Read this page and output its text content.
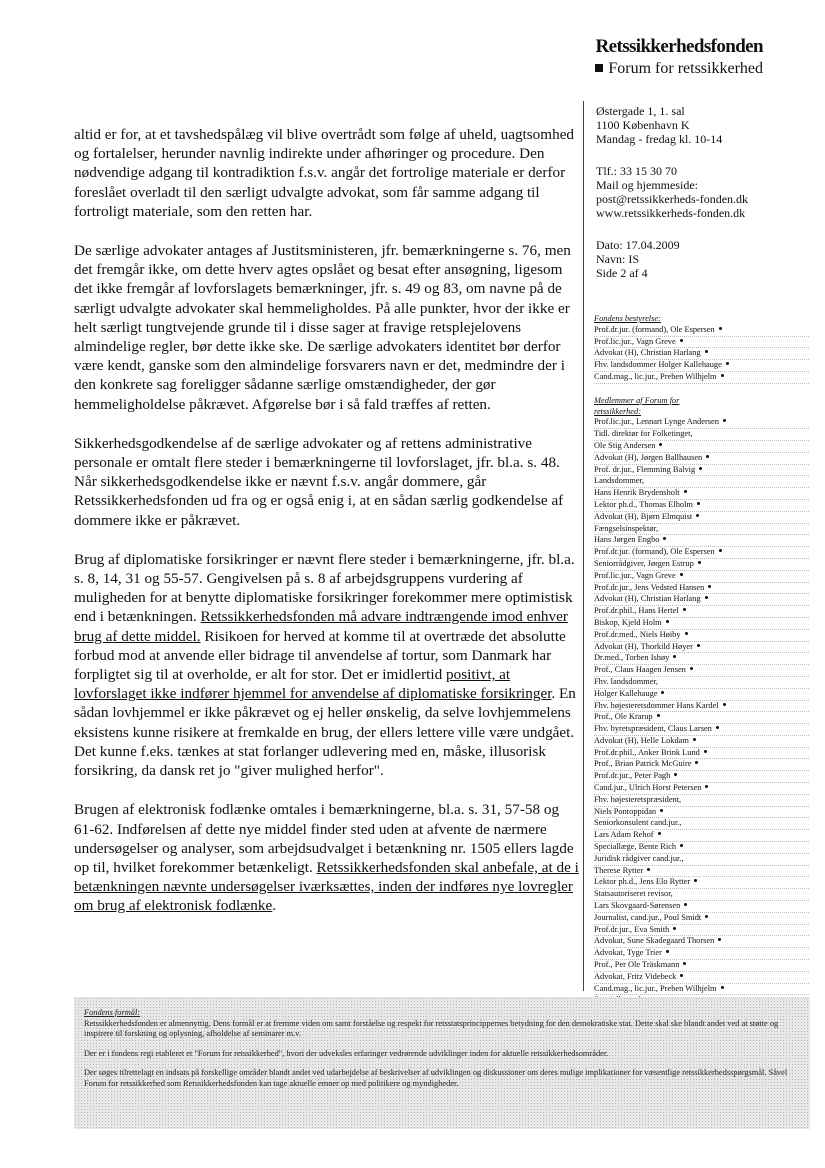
Retssikkerhedsfonden
Forum for retssikkerhed
Østergade 1, 1. sal
1100 København K
Mandag - fredag kl. 10-14
Tlf.: 33 15 30 70
Mail og hjemmeside:
post@retssikkerheds-fonden.dk
www.retssikkerheds-fonden.dk
Dato: 17.04.2009
Navn: IS
Side 2 af 4
Fondens bestyrelse:
Prof.dr.jur. (formand), Ole Espersen
Prof.lic.jur., Vagn Greve
Advokat (H), Christian Harlang
Fhv. landsdommer Holger Kallehauge
Cand.mag., lic.jur., Preben Wilhjelm
Medlemmer af Forum for
retssikkerhed:
Prof.lic.jur., Lennart Lynge Andersen
Tidl. direktør for Folketinget,
Ole Stig Andersen
Advokat (H), Jørgen Ballhausen
Prof. dr.jur., Flemming Balvig
Landsdommer,
Hans Henrik Brydensholt
Lektor ph.d., Thomas Elholm
Advokat (H), Bjørn Elmquist
Fængselsinspektør,
Hans Jørgen Engbo
Prof.dr.jur. (formand), Ole Espersen
Seniorrådgiver, Jørgen Estrup
Prof.lic.jur., Vagn Greve
Prof.dr.jur., Jens Vedsted Hansen
Advokat (H), Christian Harlang
Prof.dr.phil., Hans Hertel
Biskop, Kjeld Holm
Prof.dr.med., Niels Høiby
Advokat (H), Thorkild Høyer
Dr.med., Torben Ishøy
Prof., Claus Haagen Jensen
Fhv. landsdommer,
Holger Kallehauge
Fhv. højesteretsdommer Hans Kardel
Prof., Ole Krarup
Fhv. byretspræsident, Claus Larsen
Advokat (H), Helle Lokdam
Prof.dr.phil., Anker Brink Lund
Prof., Brian Patrick McGuire
Prof.dr.jur., Peter Pagh
Cand.jur., Ulrich Horst Petersen
Fhv. højesteretspræsident,
Niels Pontoppidan
Seniorkonsulent cand.jur.,
Lars Adam Rehof
Speciallæge, Bente Rich
Juridisk rådgiver cand.jur.,
Therese Rytter
Lektor ph.d., Jens Elo Rytter
Statsautoriseret revisor,
Lars Skovgaard-Sørensen
Journalist, cand.jur., Poul Smidt
Prof.dr.jur., Eva Smith
Advokat, Sune Skadegaard Thorsen
Advokat, Tyge Trier
Prof., Per Ole Träskmann
Advokat, Fritz Videbeck
Cand.mag., lic.jur., Preben Wilhjelm

altid er for, at et tavshedspålæg vil blive overtrådt som følge af uheld, uagtsomhed og fortalelser, herunder navnlig indirekte under afhøringer og procedure. Den nødvendige adgang til kontradiktion f.s.v. angår det fortrolige materiale er derfor foreslået overladt til den særligt udvalgte advokat, som får samme adgang til fortroligt materiale, som den retten har.

De særlige advokater antages af Justitsministeren, jfr. bemærkningerne s. 76, men det fremgår ikke, om dette hverv agtes opslået og besat efter ansøgning, ligesom det ikke fremgår af lovforslagets bemærkninger, jfr. s. 49 og 83, om navne på de særligt udvalgte advokater skal hemmeligholdes. På alle punkter, hvor der ikke er helt særligt tungtvejende grunde til i disse sager at fravige retsplejelovens almindelige regler, bør dette ikke ske. De særlige advokaters identitet bør derfor være kendt, ganske som den almindelige forsvarers navn er det, medmindre der i den konkrete sag foreligger sådanne særlige omstændigheder, der gør hemmeligholdelse påkrævet. Afgørelse bør i så fald træffes af retten.

Sikkerhedsgodkendelse af de særlige advokater og af rettens administrative personale er omtalt flere steder i bemærkningerne til lovforslaget, jfr. bl.a. s. 48. Når sikkerhedsgodkendelse ikke er nævnt f.s.v. angår dommere, går Retssikkerhedsfonden ud fra og er også enig i, at en sådan særlig godkendelse af dommere ikke er påkrævet.

Brug af diplomatiske forsikringer er nævnt flere steder i bemærkningerne, jfr. bl.a. s. 8, 14, 31 og 55-57. Gengivelsen på s. 8 af arbejdsgruppens vurdering af muligheden for at benytte diplomatiske forsikringer forekommer mere optimistisk end i betænkningen. Retssikkerhedsfonden må advare indtrængende imod enhver brug af dette middel. Risikoen for herved at komme til at overtræde det absolutte forbud mod at anvende eller bidrage til anvendelse af tortur, som Danmark har forpligtet sig til at overholde, er alt for stor. Det er imidlertid positivt, at lovforslaget ikke indfører hjemmel for anvendelse af diplomatiske forsikringer. En sådan lovhjemmel er ikke påkrævet og ej heller ønskelig, da selve lovhjemmelens eksistens kunne risikere at fremkalde en brug, der ellers lettere ville være undgået. Det kunne f.eks. tænkes at stat forlanger udlevering med en, måske, illusorisk forsikring, da dansk ret jo "giver mulighed herfor".

Brugen af elektronisk fodlænke omtales i bemærkningerne, bl.a. s. 31, 57-58 og 61-62. Indførelsen af dette nye middel finder sted uden at afvente de nærmere undersøgelser og analyser, som arbejdsudvalget i betænkning nr. 1505 ellers lagde op til, hvilket forekommer betænkeligt. Retssikkerhedsfonden skal anbefale, at de i betænkningen nævnte undersøgelser iværksættes, inden der indføres nye lovregler om brug af elektronisk fodlænke.

Fondens formål:
Retssikkerhedsfonden er almennyttig. Dens formål er at fremme viden om samt forståelse og respekt for retsstatsprincippernes betydning for den demokratiske stat. Dette skal ske blandt andet ved at støtte og inspirere til forskning og oplysning, afholdelse af seminarer m.v.
Der er i fondens regi etableret et "Forum for retssikkerhed", hvori der udveksles erfaringer vedrørende udviklinger inden for aktuelle retssikkerhedsområder.
Der søges tilrettelagt en indsats på forskellige områder blandt andet ved udarbejdelse af beskrivelser af udviklingen og diskussioner om deres mulige implikationer for væsentlige retssikkerhedsspørgsmål. Såvel Forum for retssikkerhed som Retssikkerhedsfonden kan tage aktuelle emner op med politikere og myndigheder.
